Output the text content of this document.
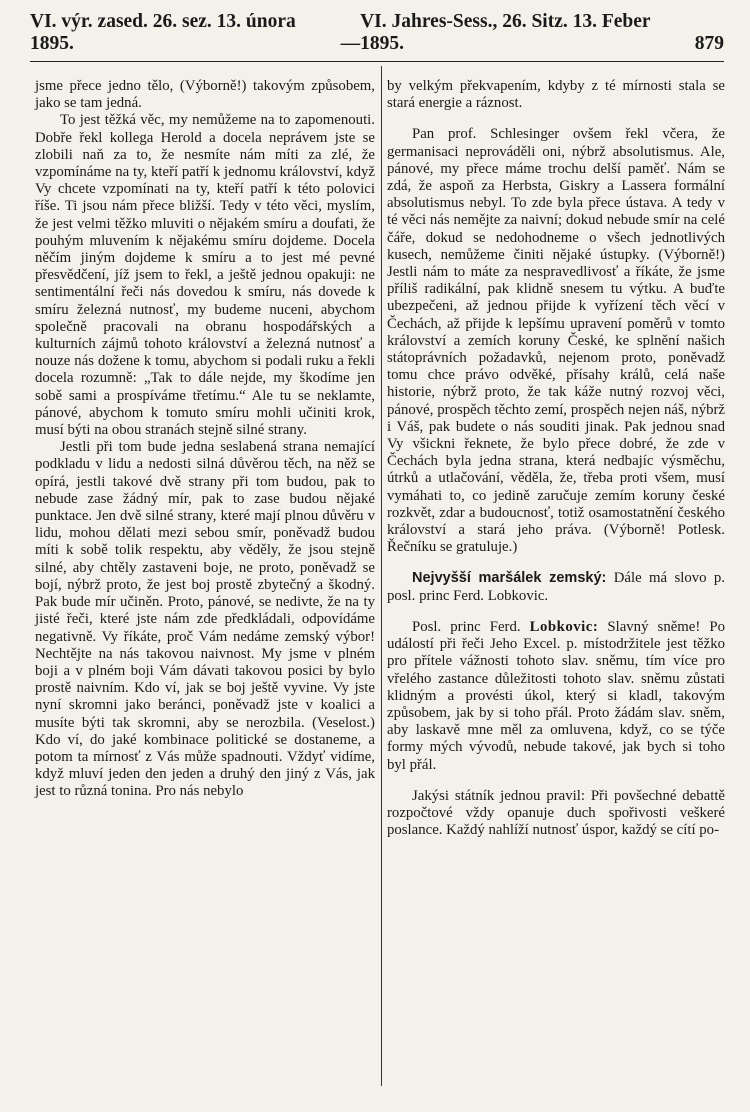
VI. výr. zased. 26. sez. 13. února 1895.	—
VI. Jahres-Sess., 26. Sitz. 13. Feber 1895.	879

jsme přece jedno tělo, (Výborně!) takovým způsobem, jako se tam jedná.

To jest těžká věc, my nemůžeme na to zapomenouti. Dobře řekl kollega Herold a docela neprávem jste se zlobili naň za to, že nesmíte nám míti za zlé, že vzpomínáme na ty, kteří patří k jednomu království, když Vy chcete vzpomínati na ty, kteří patří k této polovici říše. Ti jsou nám přece bližší. Tedy v této věci, myslím, že jest velmi těžko mluviti o nějakém smíru a doufati, že pouhým mluvením k nějakému smíru dojdeme. Docela něčím jiným dojdeme k smíru a to jest mé pevné přesvědčení, jíž jsem to řekl, a ještě jednou opakuji: ne sentimentální řeči nás dovedou k smíru, nás dovede k smíru železná nutnosť, my budeme nuceni, abychom společně pracovali na obranu hospodářských a kulturních zájmů tohoto království a železná nutnosť a nouze nás dožene k tomu, abychom si podali ruku a řekli docela rozumně: „Tak to dále nejde, my škodíme jen sobě sami a prospíváme třetímu.“ Ale tu se neklamte, pánové, abychom k tomuto smíru mohli učiniti krok, musí býti na obou stranách stejně silné strany.

Jestli při tom bude jedna seslabená strana nemající podkladu v lidu a nedosti silná důvěrou těch, na něž se opírá, jestli takové dvě strany při tom budou, pak to nebude zase žádný mír, pak to zase budou nějaké punktace. Jen dvě silné strany, které mají plnou důvěru v lidu, mohou dělati mezi sebou smír, poněvadž budou míti k sobě tolik respektu, aby věděly, že jsou stejně silné, aby chtěly zastaveni boje, ne proto, poněvadž se bojí, nýbrž proto, že jest boj prostě zbytečný a škodný. Pak bude mír učiněn. Proto, pánové, se nedivte, že na ty jisté řeči, které jste nám zde předkládali, odpovídáme negativně. Vy říkáte, proč Vám nedáme zemský výbor! Nechtějte na nás takovou naivnost. My jsme v plném boji a v plném boji Vám dávati takovou posici by bylo prostě naivním. Kdo ví, jak se boj ještě vyvine. Vy jste nyní skromni jako beránci, poněvadž jste v koalici a musíte býti tak skromni, aby se nerozbila. (Veselost.) Kdo ví, do jaké kombinace politické se dostaneme, a potom ta mírnosť z Vás může spadnouti. Vždyť vidíme, když mluví jeden den jeden a druhý den jiný z Vás, jak jest to různá tonina. Pro nás nebylo

by velkým překvapením, kdyby z té mírnosti stala se stará energie a ráznost.

Pan prof. Schlesinger ovšem řekl včera, že germanisaci neprováděli oni, nýbrž absolutismus. Ale, pánové, my přece máme trochu delší paměť. Nám se zdá, že aspoň za Herbsta, Giskry a Lassera formální absolutismus nebyl. To zde byla přece ústava. A tedy v té věci nás nemějte za naivní; dokud nebude smír na celé čáře, dokud se nedohodneme o všech jednotlivých kusech, nemůžeme činiti nějaké ústupky. (Výborně!) Jestli nám to máte za nespravedlivosť a říkáte, že jsme příliš radikální, pak klidně snesem tu výtku. A buďte ubezpečeni, až jednou přijde k vyřízení těch věcí v Čechách, až přijde k lepšímu upravení poměrů v tomto království a zemích koruny České, ke splnění našich státoprávních požadavků, nejenom proto, poněvadž tomu chce právo odvěké, přísahy králů, celá naše historie, nýbrž proto, že tak káže nutný rozvoj věci, pánové, prospěch těchto zemí, prospěch nejen náš, nýbrž i Váš, pak budete o nás souditi jinak. Pak jednou snad Vy všickni řeknete, že bylo přece dobré, že zde v Čechách byla jedna strana, která nedbajíc výsměchu, útrků a utlačování, věděla, že, třeba proti všem, musí vymáhati to, co jedině zaručuje zemím koruny české rozkvět, zdar a budoucnosť, totiž osamostatnění českého království a stará jeho práva. (Výborně! Potlesk. Řečníku se gratuluje.)

Nejvyšší maršálek zemský: Dále má slovo p. posl. princ Ferd. Lobkovic.

Posl. princ Ferd. Lobkovic: Slavný sněme! Po událostí při řeči Jeho Excel. p. místodržitele jest těžko pro přítele vážnosti tohoto slav. sněmu, tím více pro vřelého zastance důležitosti tohoto slav. sněmu zůstati klidným a provésti úkol, který si kladl, takovým způsobem, jak by si toho přál. Proto žádám slav. sněm, aby laskavě mne měl za omluvena, když, co se týče formy mých vývodů, nebude takové, jak bych si toho byl přál.

Jakýsi státník jednou pravil: Při povšechné debattě rozpočtové vždy opanuje duch spořivosti veškeré poslance. Každý nahlíží nutnosť úspor, každý se cítí po-
